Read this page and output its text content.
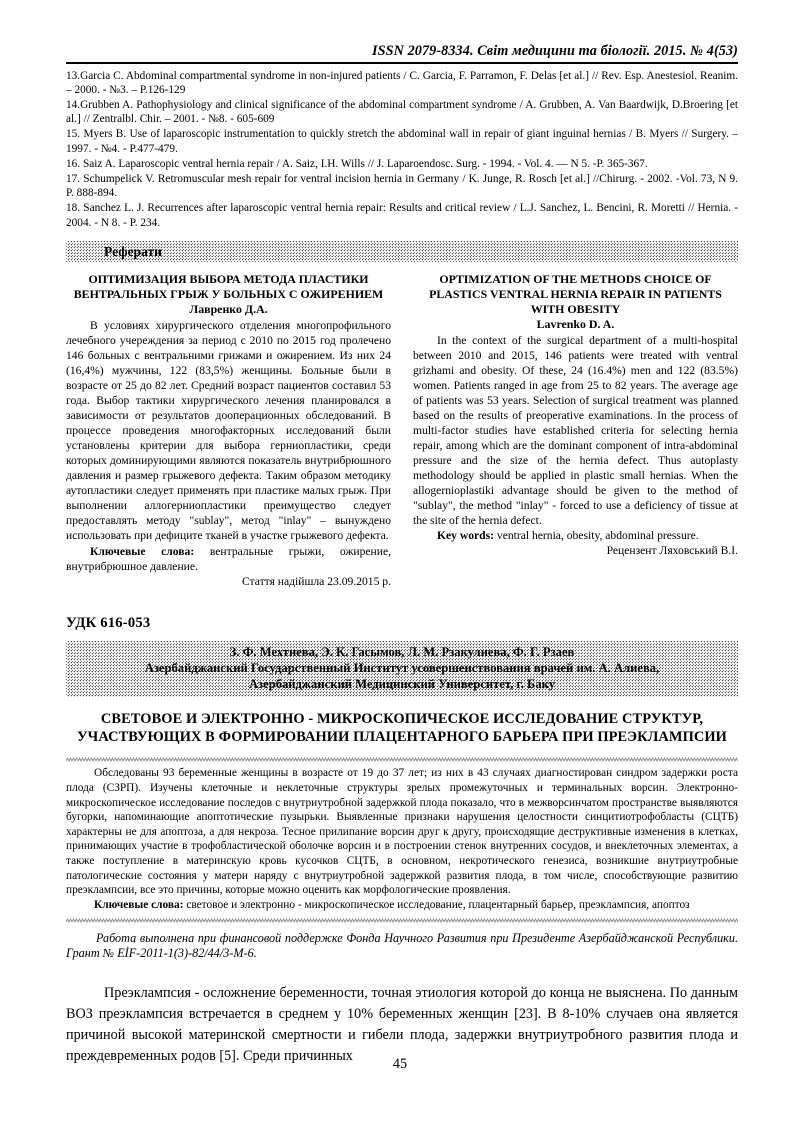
ISSN 2079-8334. Світ медицини та біології. 2015. № 4(53)

13.Garcia C. Abdominal compartmental syndrome in non-injured patients / C. Garcia, F. Parramon, F. Delas [et al.] // Rev. Esp. Anestesiol. Reanim. – 2000. - №3. – P.126-129

14.Grubben A. Pathophysiology and clinical significance of the abdominal compartment syndrome / A. Grubben, A. Van Baardwijk, D.Broering [et al.] // Zentralbl. Chir. – 2001. - №8. - 605-609

15. Myers B. Use of laparoscopic instrumentation to quickly stretch the abdominal wall in repair of giant inguinal hernias / B. Myers // Surgery. – 1997. - №4. - P.477-479.

16. Saiz A. Laparoscopic ventral hernia repair / A. Saiz, I.H. Wills // J. Laparoendosc. Surg. - 1994. - Vol. 4. — N 5. -P. 365-367.

17. Schumpelick V. Retromuscular mesh repair for ventral incision hernia in Germany / K. Junge, R. Rosch [et al.] //Chirurg. - 2002. -Vol. 73, N 9. P. 888-894.

18. Sanchez L. J. Recurrences after laparoscopic ventral hernia repair: Results and critical review / L.J. Sanchez, L. Bencini, R. Moretti // Hernia. - 2004. - N 8. - P. 234.

Реферати
ОПТИМИЗАЦИЯ ВЫБОРА МЕТОДА ПЛАСТИКИ ВЕНТРАЛЬНЫХ ГРЫЖ У БОЛЬНЫХ С ОЖИРЕНИЕМ
Лавренко Д.А.

В условиях хирургического отделения многопрофильного лечебного учереждения за период с 2010 по 2015 год пролечено 146 больных с вентральними грижами и ожирением. Из них 24 (16,4%) мужчины, 122 (83,5%) женщины. Больные были в возрасте от 25 до 82 лет. Средний возраст пациентов составил 53 года. Выбор тактики хирургического лечения планировался в зависимости от результатов дооперационных обследований. В процессе проведения многофакторных исследований были установлены критерии для выбора герниопластики, среди которых доминирующими являются показатель внутрибрюшного давления и размер грыжевого дефекта. Таким образом методику аутопластики следует применять при пластике малых грыж. При выполнении аллогерниопластики преимущество следует предоставлять методу "sublay", метод "inlay" – вынуждено использовать при дефиците тканей в участке грыжевого дефекта.

Ключевые слова: вентральные грыжи, ожирение, внутрибрюшное давление.

Стаття надійшла 23.09.2015 р.

OPTIMIZATION OF THE METHODS CHOICE OF PLASTICS VENTRAL HERNIA REPAIR IN PATIENTS WITH OBESITY
Lavrenko D. A.

In the context of the surgical department of a multi-hospital between 2010 and 2015, 146 patients were treated with ventral grizhami and obesity. Of these, 24 (16.4%) men and 122 (83.5%) women. Patients ranged in age from 25 to 82 years. The average age of patients was 53 years. Selection of surgical treatment was planned based on the results of preoperative examinations. In the process of multi-factor studies have established criteria for selecting hernia repair, among which are the dominant component of intra-abdominal pressure and the size of the hernia defect. Thus autoplasty methodology should be applied in plastic small hernias. When the allogernioplastiki advantage should be given to the method of "sublay", the method "inlay" - forced to use a deficiency of tissue at the site of the hernia defect.

Key words: ventral hernia, obesity, abdominal pressure.

Рецензент Ляховський В.І.

УДК 616-053
З. Ф. Мехтиева, Э. К. Гасымов, Л. М. Рзакулиева, Ф. Г. Рзаев
Азербайджанский Государственный Институт усовершенствования врачей им. А. Алиева,
Азербайджанский Медицинский Университет, г. Баку
СВЕТОВОЕ И ЭЛЕКТРОННО - МИКРОСКОПИЧЕСКОЕ ИССЛЕДОВАНИЕ СТРУКТУР, УЧАСТВУЮЩИХ В ФОРМИРОВАНИИ ПЛАЦЕНТАРНОГО БАРЬЕРА ПРИ ПРЕЭКЛАМПСИИ

Обследованы 93 беременные женщины в возрасте от 19 до 37 лет; из них в 43 случаях диагностирован синдром задержки роста плода (СЗРП). Изучены клеточные и неклеточные структуры зрелых промежуточных и терминальных ворсин. Электронно-микроскопическое исследование последов с внутриутробной задержкой плода показало, что в межворсинчатом пространстве выявляются бугорки, напоминающие апоптотические пузырьки. Выявленные признаки нарушения целостности синцитиотрофобласты (СЦТБ) характерны не для апоптоза, а для некроза. Тесное прилипание ворсин друг к другу, происходящие деструктивные изменения в клетках, принимающих участие в трофобластической оболочке ворсин и в построении стенок внутренних сосудов, и внеклеточных элементах, а также поступление в материнскую кровь кусочков СЦТБ, в основном, некротического генезиса, возникшие внутриутробные патологические состояния у матери наряду с внутриутробной задержкой развития плода, в том числе, способствующие развитию преэклампсии, все это причины, которые можно оценить как морфологические проявления.

Ключевые слова: световое и электронно - микроскопическое исследование, плацентарный барьер, преэклампсия, апоптоз

Работа выполнена при финансовой поддержке Фонда Научного Развития при Президенте Азербайджанской Республики. Грант № EİF-2011-1(3)-82/44/3-M-6.

Преэклампсия - осложнение беременности, точная этиология которой до конца не выяснена. По данным ВОЗ преэклампсия встречается в среднем у 10% беременных женщин [23]. В 8-10% случаев она является причиной высокой материнской смертности и гибели плода, задержки внутриутробного развития плода и преждевременных родов [5]. Среди причинных

45
